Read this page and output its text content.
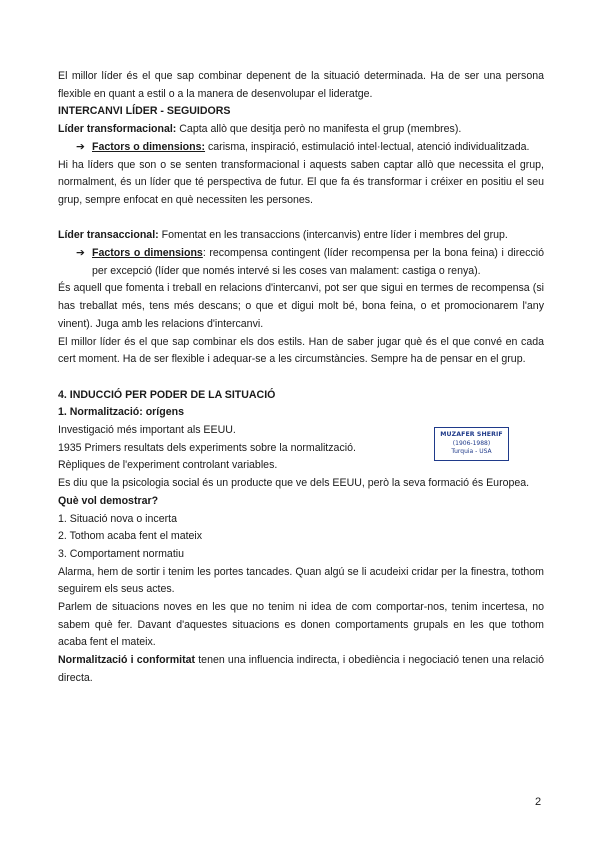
El millor líder és el que sap combinar depenent de la situació determinada. Ha de ser una persona flexible en quant a estil o a la manera de desenvolupar el lideratge.

INTERCANVI LÍDER - SEGUIDORS

Líder transformacional: Capta allò que desitja però no manifesta el grup (membres).

➔ Factors o dimensions: carisma, inspiració, estimulació intel·lectual, atenció individualitzada.

Hi ha líders que son o se senten transformacional i aquests saben captar allò que necessita el grup, normalment, és un líder que té perspectiva de futur. El que fa és transformar i créixer en positiu el seu grup, sempre enfocat en què necessiten les persones.

Líder transaccional: Fomentat en les transaccions (intercanvis) entre líder i membres del grup.

➔ Factors o dimensions: recompensa contingent (líder recompensa per la bona feina) i direcció per excepció (líder que només intervé si les coses van malament: castiga o renya).

És aquell que fomenta i treball en relacions d'intercanvi, pot ser que sigui en termes de recompensa (si has treballat més, tens més descans; o que et digui molt bé, bona feina, o et promocionarem l'any vinent). Juga amb les relacions d'intercanvi.

El millor líder és el que sap combinar els dos estils. Han de saber jugar què és el que convé en cada cert moment. Ha de ser flexible i adequar-se a les circumstàncies. Sempre ha de pensar en el grup.

4. INDUCCIÓ PER PODER DE LA SITUACIÓ

1. Normalització: orígens

Investigació més important als EEUU.

1935 Primers resultats dels experiments sobre la normalització.

Rèpliques de l'experiment controlant variables.

Es diu que la psicologia social és un producte que ve dels EEUU, però la seva formació és Europea.

Què vol demostrar?

1. Situació nova o incerta

2. Tothom acaba fent el mateix

3. Comportament normatiu

Alarma, hem de sortir i tenim les portes tancades. Quan algú se li acudeixi cridar per la finestra, tothom seguirem els seus actes.

Parlem de situacions noves en les que no tenim ni idea de com comportar-nos, tenim incertesa, no sabem què fer. Davant d'aquestes situacions es donen comportaments grupals en les que tothom acaba fent el mateix.

Normalització i conformitat tenen una influencia indirecta, i obediència i negociació tenen una relació directa.

MUZAFER SHERIF
(1906-1988)
Turquia - USA
2
